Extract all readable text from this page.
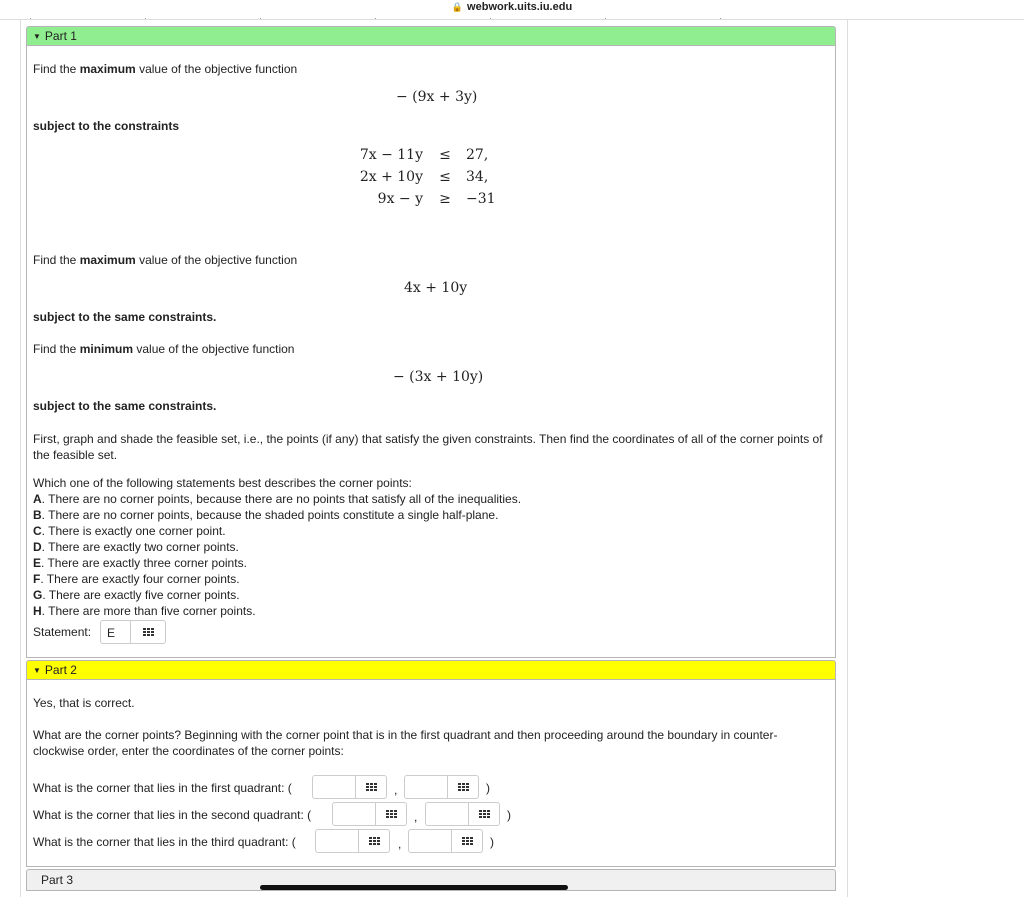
🔒 webwork.uits.iu.edu
▼ Part 1
Find the maximum value of the objective function
− (9x + 3y)
subject to the constraints
7x − 11y ≤ 27,
2x + 10y ≤ 34,
9x − y ≥ −31
Find the maximum value of the objective function
4x + 10y
subject to the same constraints.
Find the minimum value of the objective function
− (3x + 10y)
subject to the same constraints.
First, graph and shade the feasible set, i.e., the points (if any) that satisfy the given constraints. Then find the coordinates of all of the corner points of the feasible set.
Which one of the following statements best describes the corner points:
A. There are no corner points, because there are no points that satisfy all of the inequalities.
B. There are no corner points, because the shaded points constitute a single half-plane.
C. There is exactly one corner point.
D. There are exactly two corner points.
E. There are exactly three corner points.
F. There are exactly four corner points.
G. There are exactly five corner points.
H. There are more than five corner points.
Statement: E
▼ Part 2
Yes, that is correct.
What are the corner points? Beginning with the corner point that is in the first quadrant and then proceeding around the boundary in counter-clockwise order, enter the coordinates of the corner points:
What is the corner that lies in the first quadrant: (	,	)
What is the corner that lies in the second quadrant: (	,	)
What is the corner that lies in the third quadrant: (	,	)
Part 3
